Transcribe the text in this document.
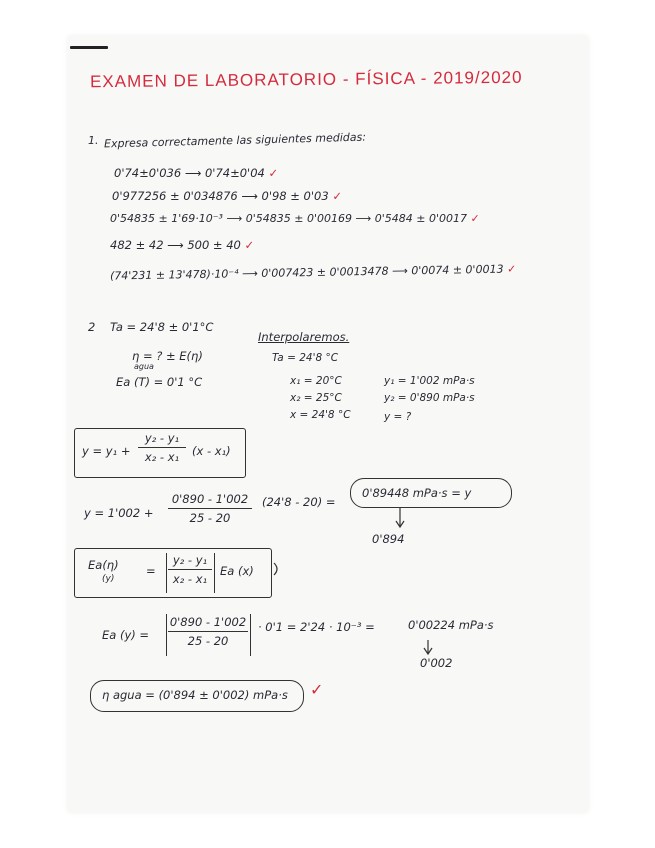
EXAMEN DE LABORATORIO - FÍSICA - 2019/2020
1. Expresa correctamente las siguientes medidas:
0'74±0'036 ⟶ 0'74±0'04 ✓
0'977256 ± 0'034876 ⟶ 0'98 ± 0'03 ✓
0'54835 ± 1'69·10⁻³ ⟶ 0'54835 ± 0'00169 ⟶ 0'5484 ± 0'0017 ✓
482 ± 42 ⟶ 500 ± 40 ✓
(74'231 ± 13'478)·10⁻⁴ ⟶ 0'007423 ± 0'0013478 ⟶ 0'0074 ± 0'0013 ✓
2 Ta = 24'8 ± 0'1°C
η = ? ± E(η)
agua
Ea (T) = 0'1 °C
Interpolaremos.
Ta = 24'8 °C
x₁ = 20°C
x₂ = 25°C
x = 24'8 °C
y₁ = 1'002 mPa·s
y₂ = 0'890 mPa·s
y = ?
y = y₁ +
y₂ - y₁
x₂ - x₁ (x - x₁)
y = 1'002 +
0'890 - 1'002
25 - 20
(24'8 - 20) =
0'89448 mPa·s = y
0'894
Ea(η)
(y)
=
y₂ - y₁
x₂ - x₁
Ea (x)
Ea (y) =
0'890 - 1'002
25 - 20
· 0'1 = 2'24 · 10⁻³ =	0'00224 mPa·s
0'002
η agua = (0'894 ± 0'002) mPa·s ✓
